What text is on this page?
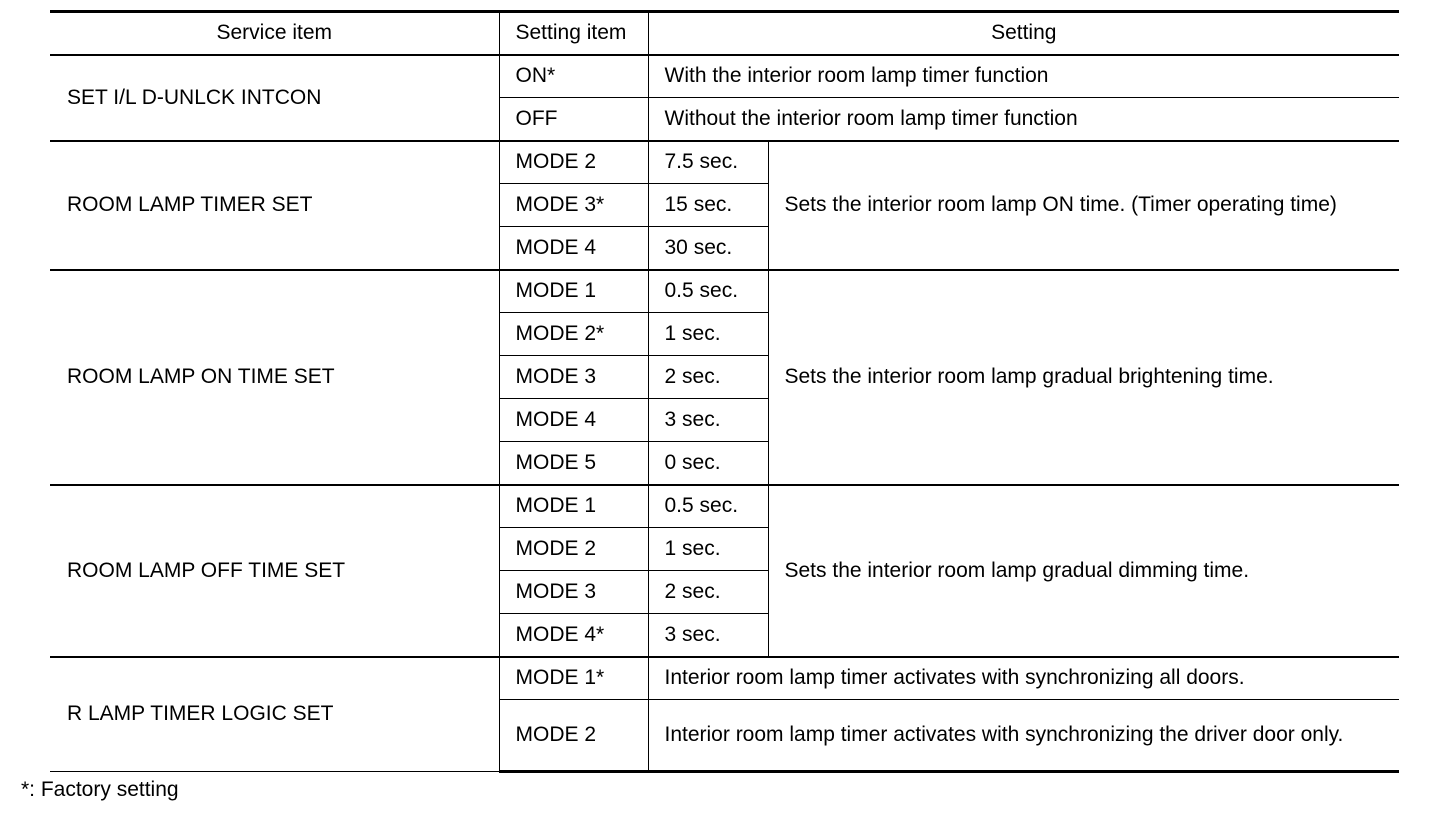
Service item	Setting item	Setting	
SET I/L D-UNLCK INTCON	ON*	With the interior room lamp timer function	
	OFF	Without the interior room lamp timer function	
ROOM LAMP TIMER SET	MODE 2	7.5 sec.	Sets the interior room lamp ON time. (Timer operating time)
	MODE 3*	15 sec.	
	MODE 4	30 sec.	
ROOM LAMP ON TIME SET	MODE 1	0.5 sec.	Sets the interior room lamp gradual brightening time.
	MODE 2*	1 sec.	
	MODE 3	2 sec.	
	MODE 4	3 sec.	
	MODE 5	0 sec.	
ROOM LAMP OFF TIME SET	MODE 1	0.5 sec.	Sets the interior room lamp gradual dimming time.
	MODE 2	1 sec.	
	MODE 3	2 sec.	
	MODE 4*	3 sec.	
R LAMP TIMER LOGIC SET	MODE 1*	Interior room lamp timer activates with synchronizing all doors.	
	MODE 2	Interior room lamp timer activates with synchronizing the driver door only.	
*: Factory setting
